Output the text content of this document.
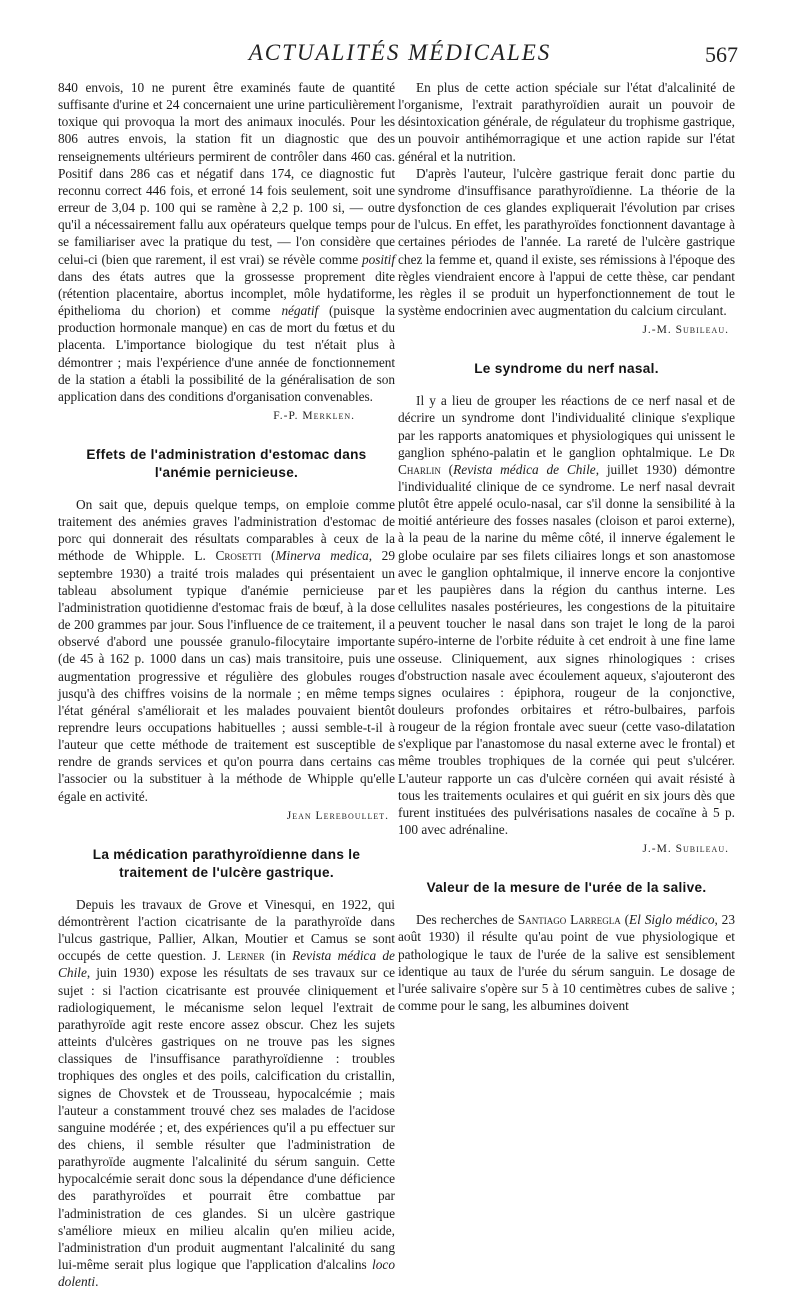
ACTUALITÉS MÉDICALES	567

840 envois, 10 ne purent être examinés faute de quantité suffisante d'urine et 24 concernaient une urine particulièrement toxique qui provoqua la mort des animaux inoculés. Pour les 806 autres envois, la station fit un diagnostic que des renseignements ultérieurs permirent de contrôler dans 460 cas. Positif dans 286 cas et négatif dans 174, ce diagnostic fut reconnu correct 446 fois, et erroné 14 fois seulement, soit une erreur de 3,04 p. 100 qui se ramène à 2,2 p. 100 si, — outre qu'il a nécessairement fallu aux opérateurs quelque temps pour se familiariser avec la pratique du test, — l'on considère que celui-ci (bien que rarement, il est vrai) se révèle comme positif dans des états autres que la grossesse proprement dite (rétention placentaire, abortus incomplet, môle hydatiforme, épithelioma du chorion) et comme négatif (puisque la production hormonale manque) en cas de mort du fœtus et du placenta. L'importance biologique du test n'était plus à démontrer ; mais l'expérience d'une année de fonctionnement de la station a établi la possibilité de la généralisation de son application dans des conditions d'organisation convenables.

F.-P. Merklen.
Effets de l'administration d'estomac dans l'anémie pernicieuse.

On sait que, depuis quelque temps, on emploie comme traitement des anémies graves l'administration d'estomac de porc qui donnerait des résultats comparables à ceux de la méthode de Whipple. L. Crosetti (Minerva medica, 29 septembre 1930) a traité trois malades qui présentaient un tableau absolument typique d'anémie pernicieuse par l'administration quotidienne d'estomac frais de bœuf, à la dose de 200 grammes par jour. Sous l'influence de ce traitement, il a observé d'abord une poussée granulo-filocytaire importante (de 45 à 162 p. 1000 dans un cas) mais transitoire, puis une augmentation progressive et régulière des globules rouges jusqu'à des chiffres voisins de la normale ; en même temps l'état général s'améliorait et les malades pouvaient bientôt reprendre leurs occupations habituelles ; aussi semble-t-il à l'auteur que cette méthode de traitement est susceptible de rendre de grands services et qu'on pourra dans certains cas l'associer ou la substituer à la méthode de Whipple qu'elle égale en activité.

Jean Lereboullet.
La médication parathyroïdienne dans le traitement de l'ulcère gastrique.

Depuis les travaux de Grove et Vinesqui, en 1922, qui démontrèrent l'action cicatrisante de la parathyroïde dans l'ulcus gastrique, Pallier, Alkan, Moutier et Camus se sont occupés de cette question. J. Lerner (in Revista médica de Chile, juin 1930) expose les résultats de ses travaux sur ce sujet : si l'action cicatrisante est prouvée cliniquement et radiologiquement, le mécanisme selon lequel l'extrait de parathyroïde agit reste encore assez obscur. Chez les sujets atteints d'ulcères gastriques on ne trouve pas les signes classiques de l'insuffisance parathyroïdienne : troubles trophiques des ongles et des poils, calcification du cristallin, signes de Chovstek et de Trousseau, hypocalcémie ; mais l'auteur a constamment trouvé chez ses malades de l'acidose sanguine modérée ; et, des expériences qu'il a pu effectuer sur des chiens, il semble résulter que l'administration de parathyroïde augmente l'alcalinité du sérum sanguin. Cette hypocalcémie serait donc sous la dépendance d'une déficience des parathyroïdes et pourrait être combattue par l'administration de ces glandes. Si un ulcère gastrique s'améliore mieux en milieu alcalin qu'en milieu acide, l'administration d'un produit augmentant l'alcalinité du sang lui-même serait plus logique que l'application d'alcalins loco dolenti.

En plus de cette action spéciale sur l'état d'alcalinité de l'organisme, l'extrait parathyroïdien aurait un pouvoir de désintoxication générale, de régulateur du trophisme gastrique, un pouvoir antihémorragique et une action rapide sur l'état général et la nutrition.

D'après l'auteur, l'ulcère gastrique ferait donc partie du syndrome d'insuffisance parathyroïdienne. La théorie de la dysfonction de ces glandes expliquerait l'évolution par crises de l'ulcus. En effet, les parathyroïdes fonctionnent davantage à certaines périodes de l'année. La rareté de l'ulcère gastrique chez la femme et, quand il existe, ses rémissions à l'époque des règles viendraient encore à l'appui de cette thèse, car pendant les règles il se produit un hyperfonctionnement de tout le système endocrinien avec augmentation du calcium circulant.

J.-M. Subileau.
Le syndrome du nerf nasal.

Il y a lieu de grouper les réactions de ce nerf nasal et de décrire un syndrome dont l'individualité clinique s'explique par les rapports anatomiques et physiologiques qui unissent le ganglion sphéno-palatin et le ganglion ophtalmique. Le Dr Charlin (Revista médica de Chile, juillet 1930) démontre l'individualité clinique de ce syndrome. Le nerf nasal devrait plutôt être appelé oculo-nasal, car s'il donne la sensibilité à la moitié antérieure des fosses nasales (cloison et paroi externe), à la peau de la narine du même côté, il innerve également le globe oculaire par ses filets ciliaires longs et son anastomose avec le ganglion ophtalmique, il innerve encore la conjontive et les paupières dans la région du canthus interne. Les cellulites nasales postérieures, les congestions de la pituitaire peuvent toucher le nasal dans son trajet le long de la paroi supéro-interne de l'orbite réduite à cet endroit à une fine lame osseuse. Cliniquement, aux signes rhinologiques : crises d'obstruction nasale avec écoulement aqueux, s'ajouteront des signes oculaires : épiphora, rougeur de la conjonctive, douleurs profondes orbitaires et rétro-bulbaires, parfois rougeur de la région frontale avec sueur (cette vaso-dilatation s'explique par l'anastomose du nasal externe avec le frontal) et même troubles trophiques de la cornée qui peut s'ulcérer. L'auteur rapporte un cas d'ulcère cornéen qui avait résisté à tous les traitements oculaires et qui guérit en six jours dès que furent instituées des pulvérisations nasales de cocaïne à 5 p. 100 avec adrénaline.

J.-M. Subileau.
Valeur de la mesure de l'urée de la salive.

Des recherches de Santiago Larregla (El Siglo médico, 23 août 1930) il résulte qu'au point de vue physiologique et pathologique le taux de l'urée de la salive est sensiblement identique au taux de l'urée du sérum sanguin. Le dosage de l'urée salivaire s'opère sur 5 à 10 centimètres cubes de salive ; comme pour le sang, les albumines doivent
